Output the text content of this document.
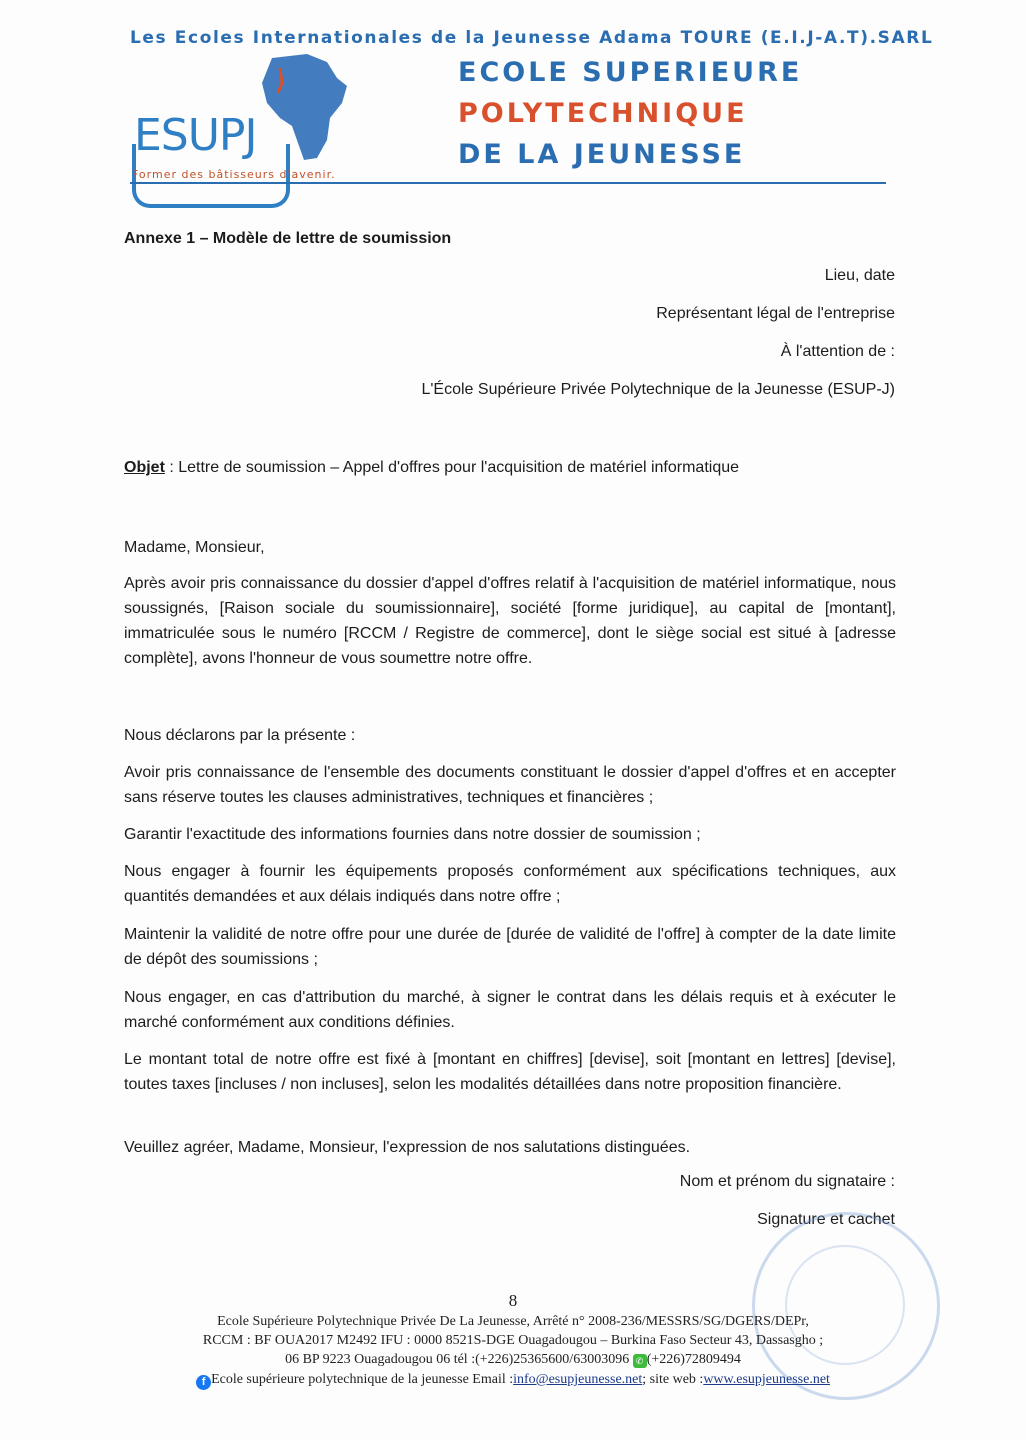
Les Ecoles Internationales de la Jeunesse Adama TOURE (E.I.J-A.T).SARL
ESUPJ
Former des bâtisseurs d'avenir.
ECOLE SUPERIEURE
POLYTECHNIQUE
DE LA JEUNESSE
Annexe 1 – Modèle de lettre de soumission
Lieu, date
Représentant légal de l'entreprise
À l'attention de :
L'École Supérieure Privée Polytechnique de la Jeunesse (ESUP-J)
Objet : Lettre de soumission – Appel d'offres pour l'acquisition de matériel informatique
Madame, Monsieur,
Après avoir pris connaissance du dossier d'appel d'offres relatif à l'acquisition de matériel informatique, nous soussignés, [Raison sociale du soumissionnaire], société [forme juridique], au capital de [montant], immatriculée sous le numéro [RCCM / Registre de commerce], dont le siège social est situé à [adresse complète], avons l'honneur de vous soumettre notre offre.
Nous déclarons par la présente :
Avoir pris connaissance de l'ensemble des documents constituant le dossier d'appel d'offres et en accepter sans réserve toutes les clauses administratives, techniques et financières ;
Garantir l'exactitude des informations fournies dans notre dossier de soumission ;
Nous engager à fournir les équipements proposés conformément aux spécifications techniques, aux quantités demandées et aux délais indiqués dans notre offre ;
Maintenir la validité de notre offre pour une durée de [durée de validité de l'offre] à compter de la date limite de dépôt des soumissions ;
Nous engager, en cas d'attribution du marché, à signer le contrat dans les délais requis et à exécuter le marché conformément aux conditions définies.
Le montant total de notre offre est fixé à [montant en chiffres] [devise], soit [montant en lettres] [devise], toutes taxes [incluses / non incluses], selon les modalités détaillées dans notre proposition financière.
Veuillez agréer, Madame, Monsieur, l'expression de nos salutations distinguées.
Nom et prénom du signataire :
Signature et cachet
8
Ecole Supérieure Polytechnique Privée De La Jeunesse, Arrêté n° 2008-236/MESSRS/SG/DGERS/DEPr,
RCCM : BF OUA2017 M2492 IFU : 0000 8521S-DGE Ouagadougou – Burkina Faso Secteur 43, Dassasgho ;
06 BP 9223 Ouagadougou 06 tél :(+226)25365600/63003096 ✆ (+226)72809494
f Ecole supérieure polytechnique de la jeunesse Email :info@esupjeunesse.net; site web :www.esupjeunesse.net
